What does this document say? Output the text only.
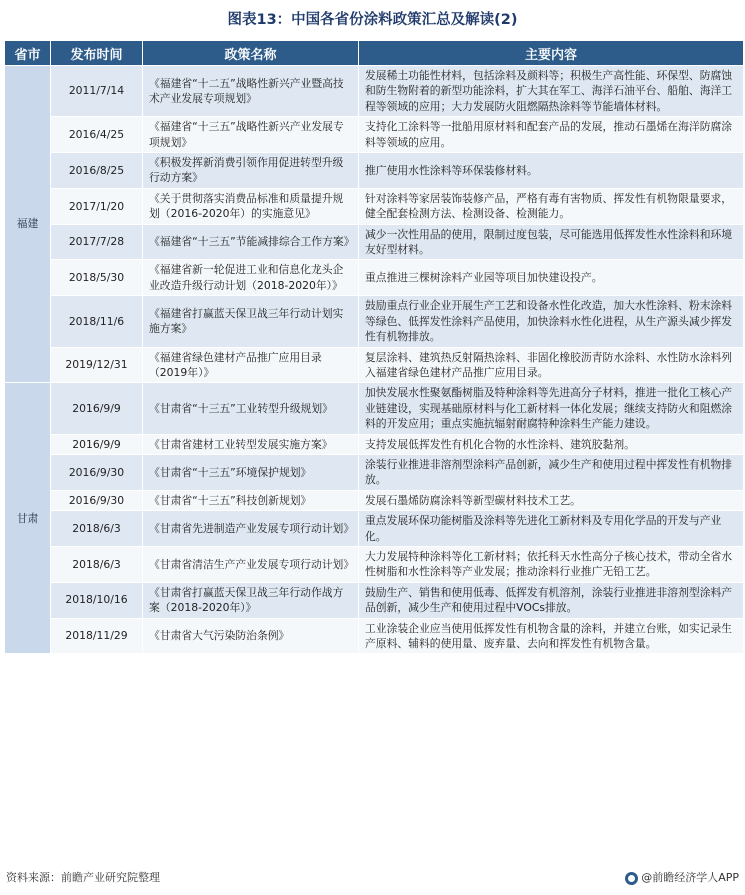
图表13：中国各省份涂料政策汇总及解读(2)
省市	发布时间	政策名称	主要内容
福建	2011/7/14	《福建省“十二五”战略性新兴产业暨高技术产业发展专项规划》	发展稀土功能性材料，包括涂料及颜料等；积极生产高性能、环保型、防腐蚀和防生物附着的新型功能涂料，扩大其在军工、海洋石油平台、船舶、海洋工程等领域的应用；大力发展防火阻燃隔热涂料等节能墙体材料。
	2016/4/25	《福建省“十三五”战略性新兴产业发展专项规划》	支持化工涂料等一批船用原材料和配套产品的发展，推动石墨烯在海洋防腐涂料等领域的应用。
	2016/8/25	《积极发挥新消费引领作用促进转型升级行动方案》	推广使用水性涂料等环保装修材料。
	2017/1/20	《关于贯彻落实消费品标准和质量提升规划（2016-2020年）的实施意见》	针对涂料等家居装饰装修产品，严格有毒有害物质、挥发性有机物限量要求，健全配套检测方法、检测设备、检测能力。
	2017/7/28	《福建省“十三五”节能减排综合工作方案》	减少一次性用品的使用，限制过度包装，尽可能选用低挥发性水性涂料和环境友好型材料。
	2018/5/30	《福建省新一轮促进工业和信息化龙头企业改造升级行动计划（2018-2020年）》	重点推进三棵树涂料产业园等项目加快建设投产。
	2018/11/6	《福建省打赢蓝天保卫战三年行动计划实施方案》	鼓励重点行业企业开展生产工艺和设备水性化改造，加大水性涂料、粉末涂料等绿色、低挥发性涂料产品使用，加快涂料水性化进程，从生产源头减少挥发性有机物排放。
	2019/12/31	《福建省绿色建材产品推广应用目录（2019年）》	复层涂料、建筑热反射隔热涂料、非固化橡胶沥青防水涂料、水性防水涂料列入福建省绿色建材产品推广应用目录。
甘肃	2016/9/9	《甘肃省“十三五”工业转型升级规划》	加快发展水性聚氨酯树脂及特种涂料等先进高分子材料，推进一批化工核心产业链建设，实现基础原材料与化工新材料一体化发展；继续支持防火和阻燃涂料的开发应用；重点实施抗辐射耐腐特种涂料生产能力建设。
	2016/9/9	《甘肃省建材工业转型发展实施方案》	支持发展低挥发性有机化合物的水性涂料、建筑胶黏剂。
	2016/9/30	《甘肃省“十三五”环境保护规划》	涂装行业推进非溶剂型涂料产品创新，减少生产和使用过程中挥发性有机物排放。
	2016/9/30	《甘肃省“十三五”科技创新规划》	发展石墨烯防腐涂料等新型碳材料技术工艺。
	2018/6/3	《甘肃省先进制造产业发展专项行动计划》	重点发展环保功能树脂及涂料等先进化工新材料及专用化学品的开发与产业化。
	2018/6/3	《甘肃省清洁生产产业发展专项行动计划》	大力发展特种涂料等化工新材料；依托科天水性高分子核心技术，带动全省水性树脂和水性涂料等产业发展；推动涂料行业推广无铅工艺。
	2018/10/16	《甘肃省打赢蓝天保卫战三年行动作战方案（2018-2020年）》	鼓励生产、销售和使用低毒、低挥发有机溶剂，涂装行业推进非溶剂型涂料产品创新，减少生产和使用过程中VOCs排放。
	2018/11/29	《甘肃省大气污染防治条例》	工业涂装企业应当使用低挥发性有机物含量的涂料，并建立台账，如实记录生产原料、辅料的使用量、废弃量、去向和挥发性有机物含量。
资料来源：前瞻产业研究院整理	@前瞻经济学人APP
